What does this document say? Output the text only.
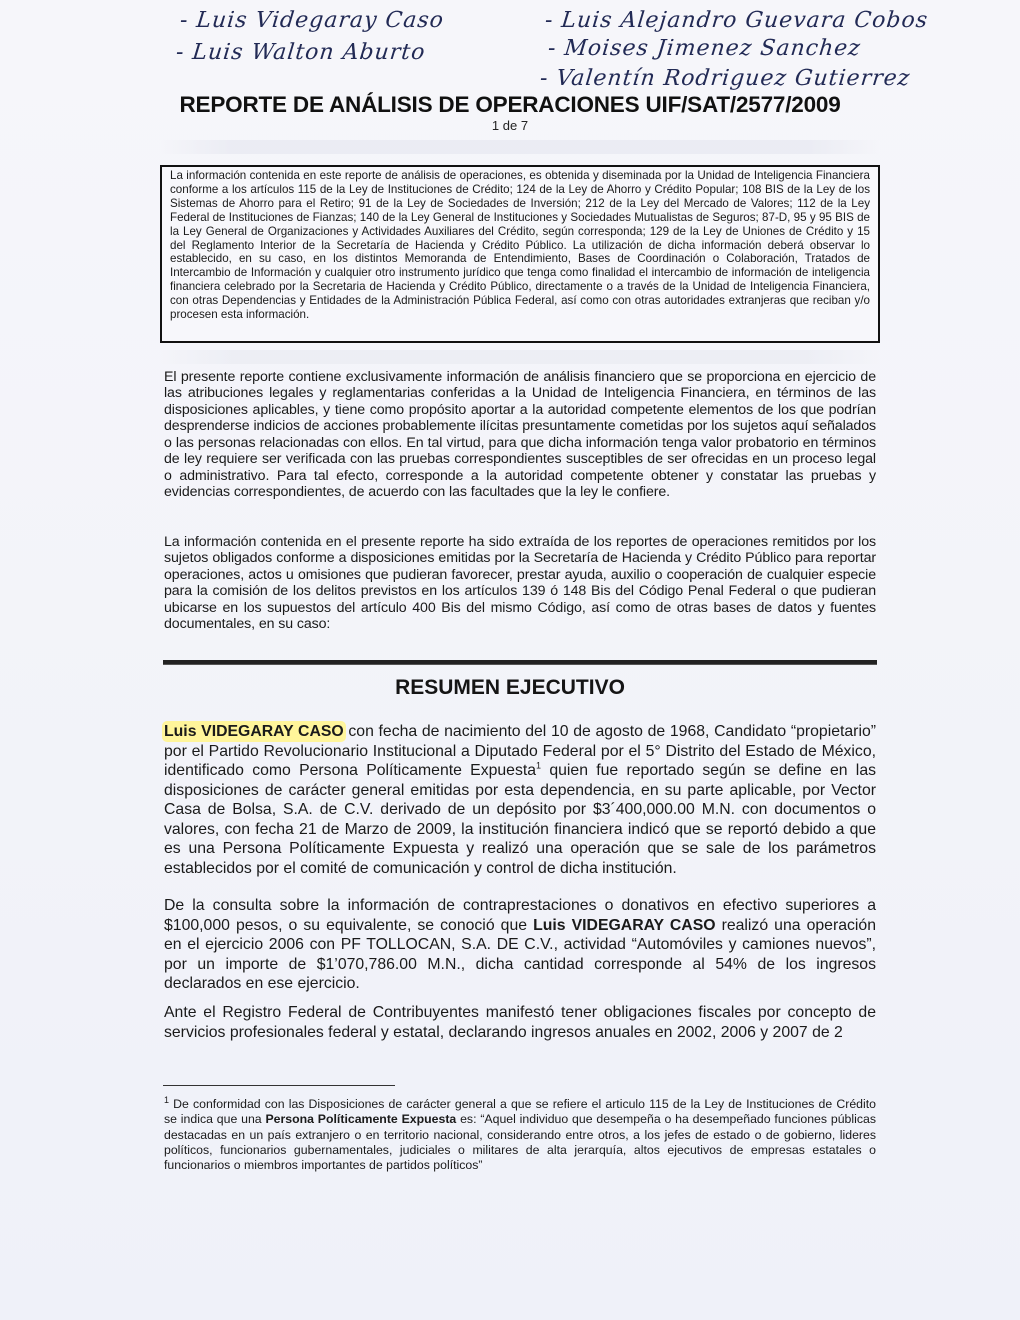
- Luis Videgaray Caso
- Luis Walton Aburto
- Luis Alejandro Guevara Cobos
- Moises Jimenez Sanchez
- Valentín Rodriguez Gutierrez
REPORTE DE ANÁLISIS DE OPERACIONES UIF/SAT/2577/2009
1 de 7

La información contenida en este reporte de análisis de operaciones, es obtenida y diseminada por la Unidad de Inteligencia Financiera conforme a los artículos 115 de la Ley de Instituciones de Crédito; 124 de la Ley de Ahorro y Crédito Popular; 108 BIS de la Ley de los Sistemas de Ahorro para el Retiro; 91 de la Ley de Sociedades de Inversión; 212 de la Ley del Mercado de Valores; 112 de la Ley Federal de Instituciones de Fianzas; 140 de la Ley General de Instituciones y Sociedades Mutualistas de Seguros; 87-D, 95 y 95 BIS de la Ley General de Organizaciones y Actividades Auxiliares del Crédito, según corresponda; 129 de la Ley de Uniones de Crédito y 15 del Reglamento Interior de la Secretaría de Hacienda y Crédito Público. La utilización de dicha información deberá observar lo establecido, en su caso, en los distintos Memoranda de Entendimiento, Bases de Coordinación o Colaboración, Tratados de Intercambio de Información y cualquier otro instrumento jurídico que tenga como finalidad el intercambio de información de inteligencia financiera celebrado por la Secretaria de Hacienda y Crédito Público, directamente o a través de la Unidad de Inteligencia Financiera, con otras Dependencias y Entidades de la Administración Pública Federal, así como con otras autoridades extranjeras que reciban y/o procesen esta información.

El presente reporte contiene exclusivamente información de análisis financiero que se proporciona en ejercicio de las atribuciones legales y reglamentarias conferidas a la Unidad de Inteligencia Financiera, en términos de las disposiciones aplicables, y tiene como propósito aportar a la autoridad competente elementos de los que podrían desprenderse indicios de acciones probablemente ilícitas presuntamente cometidas por los sujetos aquí señalados o las personas relacionadas con ellos. En tal virtud, para que dicha información tenga valor probatorio en términos de ley requiere ser verificada con las pruebas correspondientes susceptibles de ser ofrecidas en un proceso legal o administrativo. Para tal efecto, corresponde a la autoridad competente obtener y constatar las pruebas y evidencias correspondientes, de acuerdo con las facultades que la ley le confiere.

La información contenida en el presente reporte ha sido extraída de los reportes de operaciones remitidos por los sujetos obligados conforme a disposiciones emitidas por la Secretaría de Hacienda y Crédito Público para reportar operaciones, actos u omisiones que pudieran favorecer, prestar ayuda, auxilio o cooperación de cualquier especie para la comisión de los delitos previstos en los artículos 139 ó 148 Bis del Código Penal Federal o que pudieran ubicarse en los supuestos del artículo 400 Bis del mismo Código, así como de otras bases de datos y fuentes documentales, en su caso:

RESUMEN EJECUTIVO

Luis VIDEGARAY CASO con fecha de nacimiento del 10 de agosto de 1968, Candidato “propietario” por el Partido Revolucionario Institucional a Diputado Federal por el 5° Distrito del Estado de México, identificado como Persona Políticamente Expuesta$^1$ quien fue reportado según se define en las disposiciones de carácter general emitidas por esta dependencia, en su parte aplicable, por Vector Casa de Bolsa, S.A. de C.V. derivado de un depósito por $3´400,000.00 M.N. con documentos o valores, con fecha 21 de Marzo de 2009, la institución financiera indicó que se reportó debido a que es una Persona Políticamente Expuesta y realizó una operación que se sale de los parámetros establecidos por el comité de comunicación y control de dicha institución.

De la consulta sobre la información de contraprestaciones o donativos en efectivo superiores a $100,000 pesos, o su equivalente, se conoció que Luis VIDEGARAY CASO realizó una operación en el ejercicio 2006 con PF TOLLOCAN, S.A. DE C.V., actividad “Automóviles y camiones nuevos”, por un importe de $1’070,786.00 M.N., dicha cantidad corresponde al 54% de los ingresos declarados en ese ejercicio.

Ante el Registro Federal de Contribuyentes manifestó tener obligaciones fiscales por concepto de servicios profesionales federal y estatal, declarando ingresos anuales en 2002, 2006 y 2007 de 2

$^1$ De conformidad con las Disposiciones de carácter general a que se refiere el articulo 115 de la Ley de Instituciones de Crédito se indica que una Persona Políticamente Expuesta es: “Aquel individuo que desempeña o ha desempeñado funciones públicas destacadas en un país extranjero o en territorio nacional, considerando entre otros, a los jefes de estado o de gobierno, lideres políticos, funcionarios gubernamentales, judiciales o militares de alta jerarquía, altos ejecutivos de empresas estatales o funcionarios o miembros importantes de partidos políticos”
